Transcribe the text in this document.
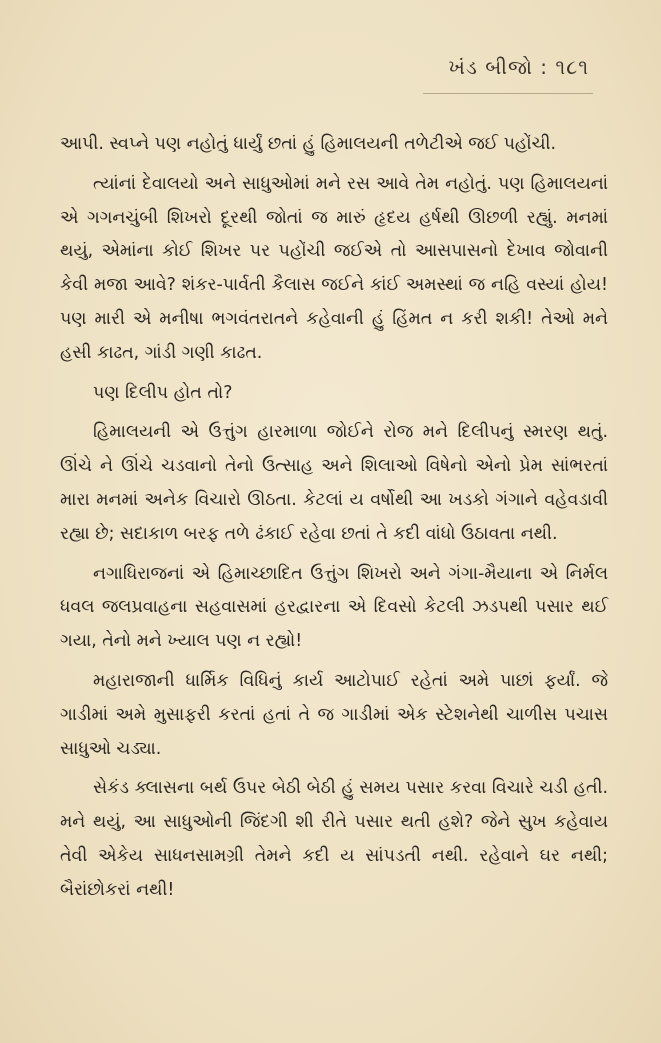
ખંડ બીજો : ૧૮૧

આપી. સ્વપ્ને પણ નહોતું ધાર્યું છતાં હું હિમાલયની તળેટીએ જઈ પહોંચી.

ત્યાંનાં દેવાલયો અને સાધુઓમાં મને રસ આવે તેમ નહોતું. પણ હિમાલયનાં એ ગગનચુંબી શિખરો દૂરથી જોતાં જ મારું હૃદય હર્ષથી ઊછળી રહ્યું. મનમાં થયું, એમાંના કોઈ શિખર પર પહોંચી જઈએ તો આસપાસનો દેખાવ જોવાની કેવી મજા આવે? શંકર-પાર્વતી કૈલાસ જઈને કાંઈ અમસ્થાં જ નહિ વસ્યાં હોય! પણ મારી એ મનીષા ભગવંતરાતને કહેવાની હું હિંમત ન કરી શકી! તેઓ મને હસી કાઢત, ગાંડી ગણી કાઢત.

પણ દિલીપ હોત તો?

હિમાલયની એ ઉત્તુંગ હારમાળા જોઈને રોજ મને દિલીપનું સ્મરણ થતું. ઊંચે ને ઊંચે ચડવાનો તેનો ઉત્સાહ અને શિલાઓ વિષેનો એનો પ્રેમ સાંભરતાં મારા મનમાં અનેક વિચારો ઊઠતા. કેટલાં ય વર્ષોથી આ ખડકો ગંગાને વહેવડાવી રહ્યા છે; સદાકાળ બરફ તળે ઢંકાઈ રહેવા છતાં તે કદી વાંધો ઉઠાવતા નથી.

નગાધિરાજનાં એ હિમાચ્છાદિત ઉત્તુંગ શિખરો અને ગંગા-મૈયાના એ નિર્મલ ધવલ જલપ્રવાહના સહવાસમાં હરદ્વારના એ દિવસો કેટલી ઝડપથી પસાર થઈ ગયા, તેનો મને ખ્યાલ પણ ન રહ્યો!

મહારાજાની ધાર્મિક વિધિનું કાર્ય આટોપાઈ રહેતાં અમે પાછાં ફર્યાં. જે ગાડીમાં અમે મુસાફરી કરતાં હતાં તે જ ગાડીમાં એક સ્ટેશનેથી ચાળીસ પચાસ સાધુઓ ચડ્યા.

સેકંડ ક્લાસના બર્થ ઉપર બેઠી બેઠી હું સમય પસાર કરવા વિચારે ચડી હતી. મને થયું, આ સાધુઓની જિંદગી શી રીતે પસાર થતી હશે? જેને સુખ કહેવાય તેવી એકેય સાધનસામગ્રી તેમને કદી ય સાંપડતી નથી. રહેવાને ઘર નથી; બૈરાંછોકરાં નથી!
